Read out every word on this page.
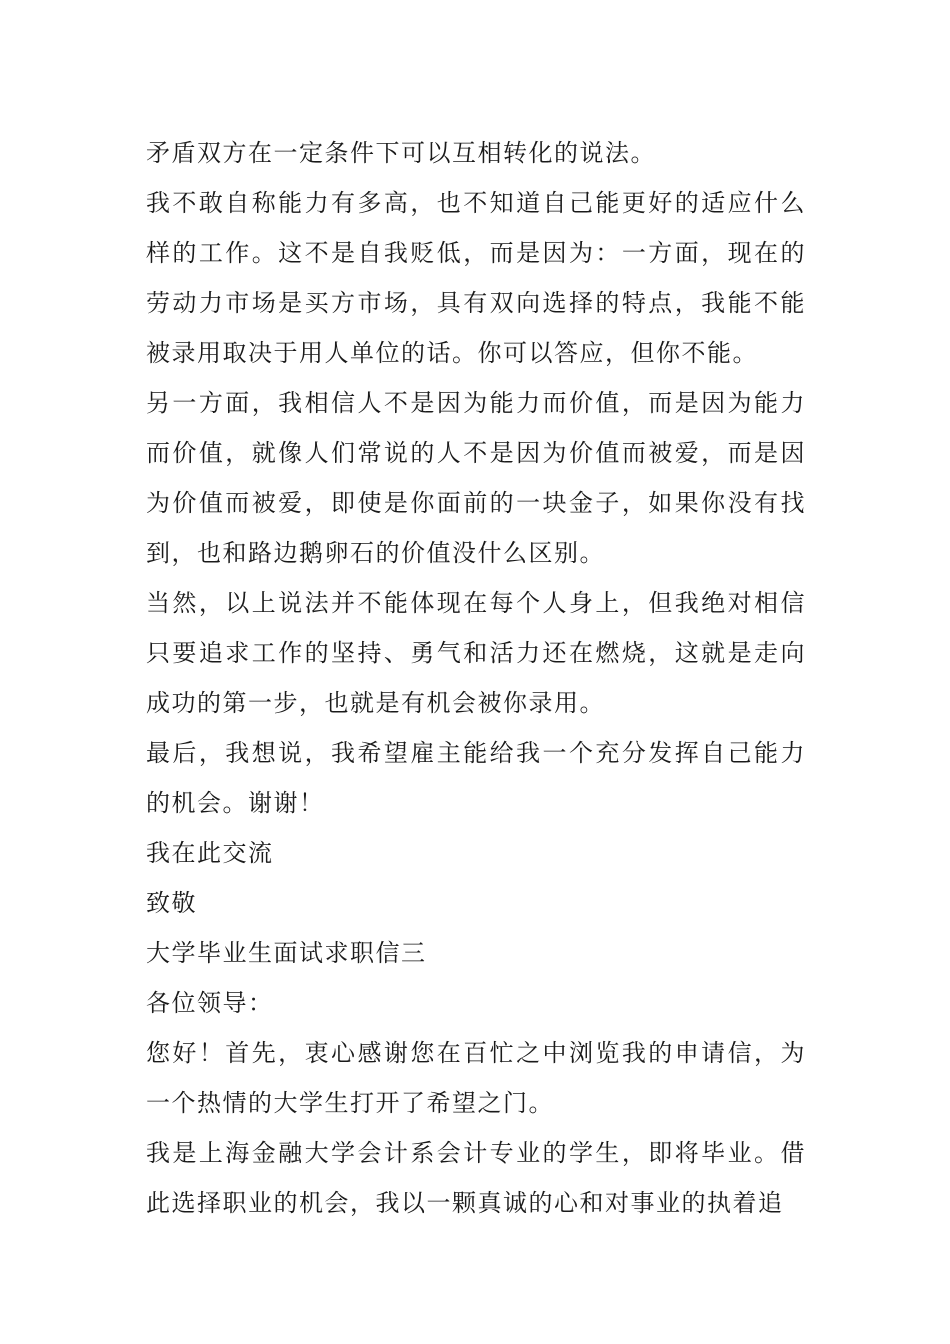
矛盾双方在一定条件下可以互相转化的说法。

我不敢自称能力有多高，也不知道自己能更好的适应什么样的工作。这不是自我贬低，而是因为：一方面，现在的劳动力市场是买方市场，具有双向选择的特点，我能不能被录用取决于用人单位的话。你可以答应，但你不能。

另一方面，我相信人不是因为能力而价值，而是因为能力而价值，就像人们常说的人不是因为价值而被爱，而是因为价值而被爱，即使是你面前的一块金子，如果你没有找到，也和路边鹅卵石的价值没什么区别。

当然，以上说法并不能体现在每个人身上，但我绝对相信只要追求工作的坚持、勇气和活力还在燃烧，这就是走向成功的第一步，也就是有机会被你录用。

最后，我想说，我希望雇主能给我一个充分发挥自己能力的机会。谢谢！

我在此交流

致敬

大学毕业生面试求职信三

各位领导：

您好！首先，衷心感谢您在百忙之中浏览我的申请信，为一个热情的大学生打开了希望之门。

我是上海金融大学会计系会计专业的学生，即将毕业。借此选择职业的机会，我以一颗真诚的心和对事业的执着追
